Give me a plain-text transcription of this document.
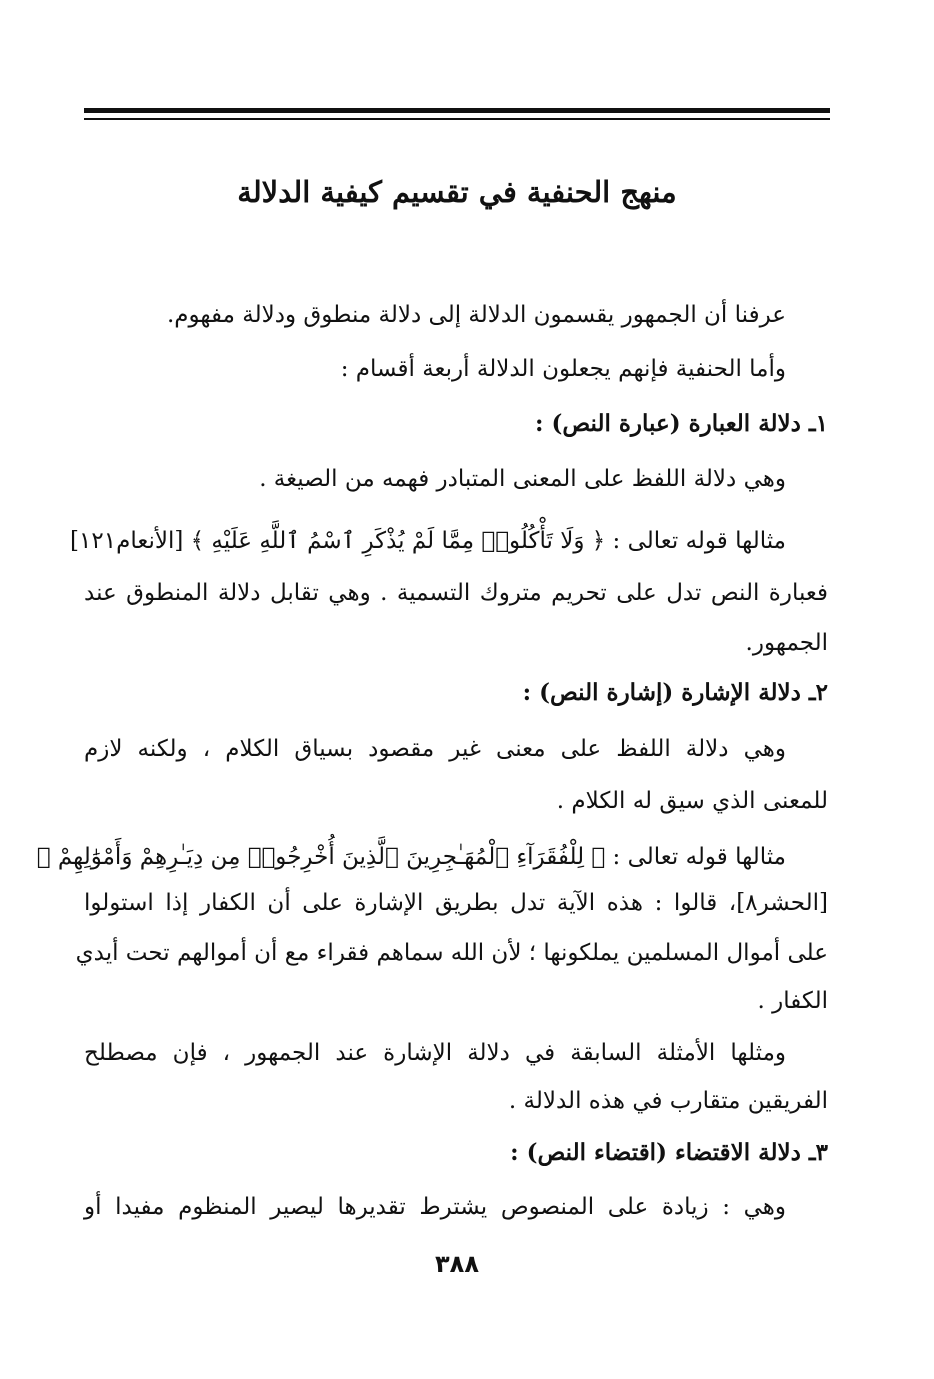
منهج الحنفية في تقسيم كيفية الدلالة
عرفنا أن الجمهور يقسمون الدلالة إلى دلالة منطوق ودلالة مفهوم.
وأما الحنفية فإنهم يجعلون الدلالة أربعة أقسام :
١ـ دلالة العبارة (عبارة النص) :
وهي دلالة اللفظ على المعنى المتبادر فهمه من الصيغة .
مثالها قوله تعالى : ﴿ وَلَا تَأْكُلُوا۟ مِمَّا لَمْ يُذْكَرِ ٱسْمُ ٱللَّهِ عَلَيْهِ ﴾ [الأنعام١٢١]
فعبارة النص تدل على تحريم متروك التسمية . وهي تقابل دلالة المنطوق عند
الجمهور.
٢ـ دلالة الإشارة (إشارة النص) :
وهي دلالة اللفظ على معنى غير مقصود بسياق الكلام ، ولكنه لازم
للمعنى الذي سيق له الكلام .
مثالها قوله تعالى : ﴿ لِلْفُقَرَآءِ ٱلْمُهَـٰجِرِينَ ٱلَّذِينَ أُخْرِجُوا۟ مِن دِيَـٰرِهِمْ وَأَمْوَٰلِهِمْ ﴾
[الحشر٨]، قالوا : هذه الآية تدل بطريق الإشارة على أن الكفار إذا استولوا
على أموال المسلمين يملكونها ؛ لأن الله سماهم فقراء مع أن أموالهم تحت أيدي
الكفار .
ومثلها الأمثلة السابقة في دلالة الإشارة عند الجمهور ، فإن مصطلح
الفريقين متقارب في هذه الدلالة .
٣ـ دلالة الاقتضاء (اقتضاء النص) :
وهي : زيادة على المنصوص يشترط تقديرها ليصير المنظوم مفيدا أو
٣٨٨
